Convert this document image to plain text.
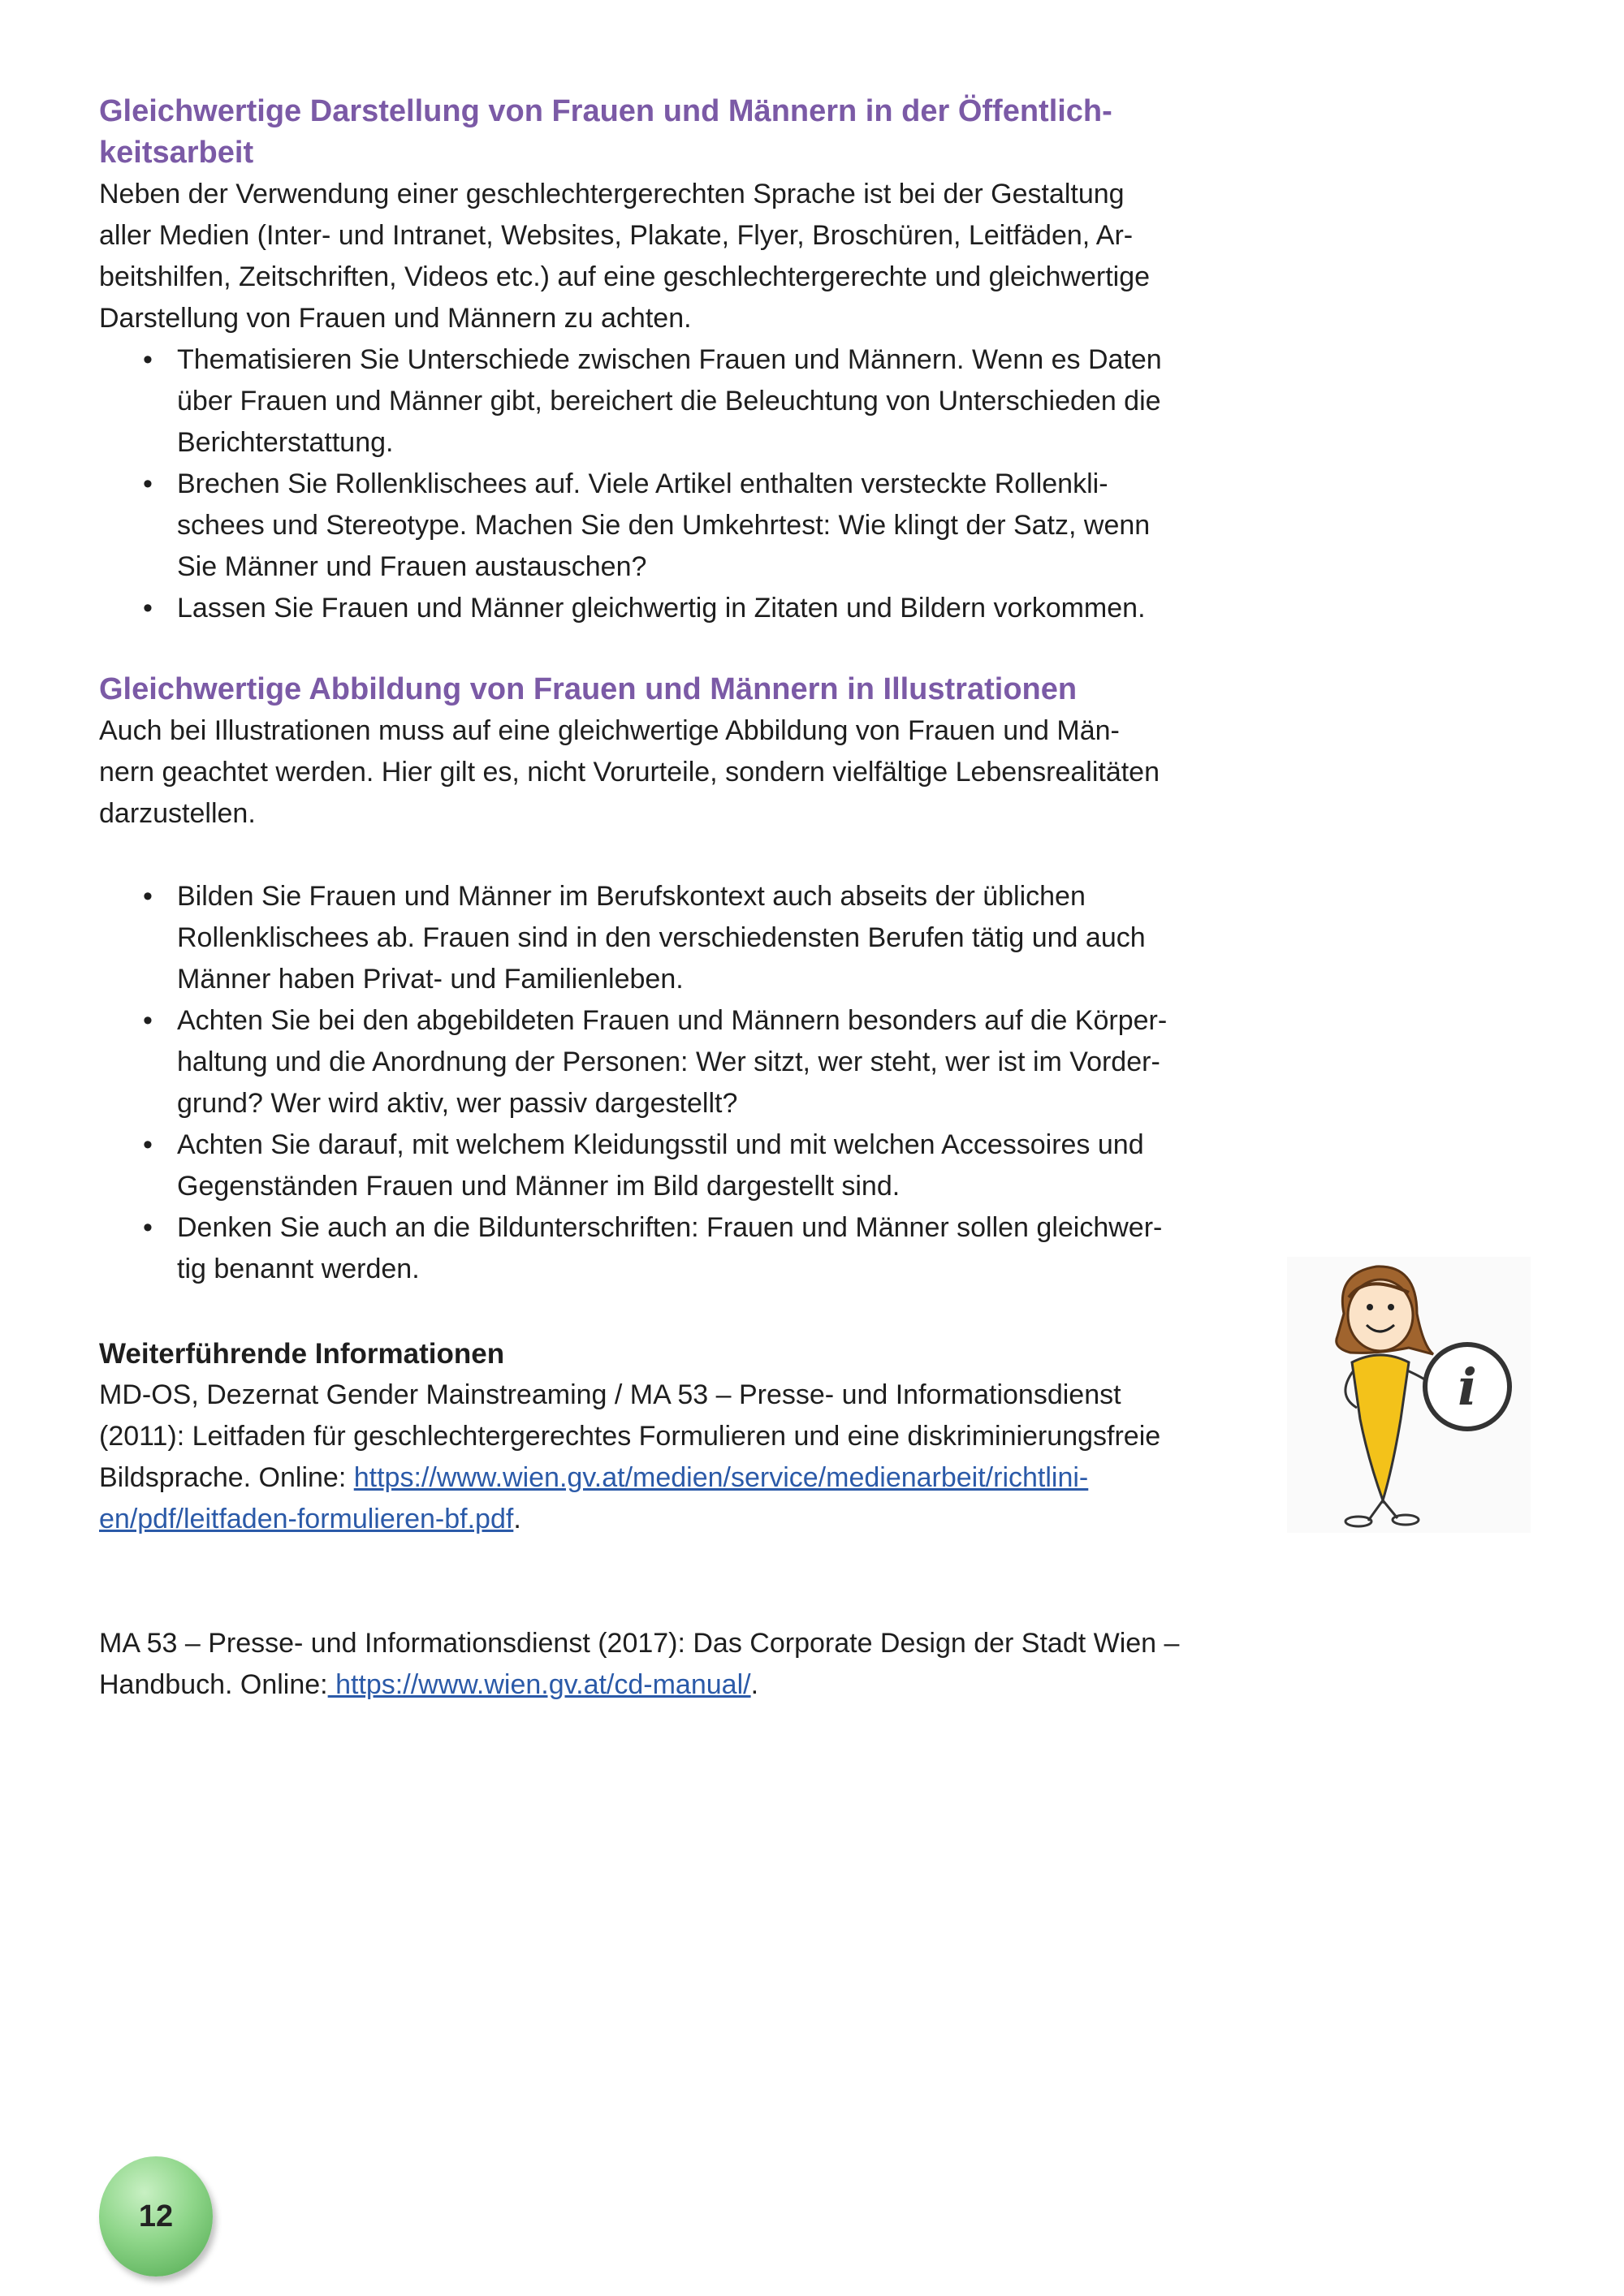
Gleichwertige Darstellung von Frauen und Männern in der Öffentlich-
keitsarbeit

Neben der Verwendung einer geschlechtergerechten Sprache ist bei der Gestaltung
aller Medien (Inter- und Intranet, Websites, Plakate, Flyer, Broschüren, Leitfäden, Ar-
beitshilfen, Zeitschriften, Videos etc.) auf eine geschlechtergerechte und gleichwertige
Darstellung von Frauen und Männern zu achten.

• Thematisieren Sie Unterschiede zwischen Frauen und Männern. Wenn es Daten
über Frauen und Männer gibt, bereichert die Beleuchtung von Unterschieden die
Berichterstattung.
• Brechen Sie Rollenklischees auf. Viele Artikel enthalten versteckte Rollenkli-
schees und Stereotype. Machen Sie den Umkehrtest: Wie klingt der Satz, wenn
Sie Männer und Frauen austauschen?
• Lassen Sie Frauen und Männer gleichwertig in Zitaten und Bildern vorkommen.
Gleichwertige Abbildung von Frauen und Männern in Illustrationen

Auch bei Illustrationen muss auf eine gleichwertige Abbildung von Frauen und Män-
nern geachtet werden. Hier gilt es, nicht Vorurteile, sondern vielfältige Lebensrealitäten
darzustellen.

• Bilden Sie Frauen und Männer im Berufskontext auch abseits der üblichen
Rollenklischees ab. Frauen sind in den verschiedensten Berufen tätig und auch
Männer haben Privat- und Familienleben.
• Achten Sie bei den abgebildeten Frauen und Männern besonders auf die Körper-
haltung und die Anordnung der Personen: Wer sitzt, wer steht, wer ist im Vorder-
grund? Wer wird aktiv, wer passiv dargestellt?
• Achten Sie darauf, mit welchem Kleidungsstil und mit welchen Accessoires und
Gegenständen Frauen und Männer im Bild dargestellt sind.
• Denken Sie auch an die Bildunterschriften: Frauen und Männer sollen gleichwer-
tig benannt werden.

Weiterführende Informationen

MD-OS, Dezernat Gender Mainstreaming / MA 53 – Presse- und Informationsdienst
(2011): Leitfaden für geschlechtergerechtes Formulieren und eine diskriminierungsfreie
Bildsprache. Online: https://www.wien.gv.at/medien/service/medienarbeit/richtlini-
en/pdf/leitfaden-formulieren-bf.pdf.

MA 53 – Presse- und Informationsdienst (2017): Das Corporate Design der Stadt Wien –
Handbuch. Online: https://www.wien.gv.at/cd-manual/.

i
12
